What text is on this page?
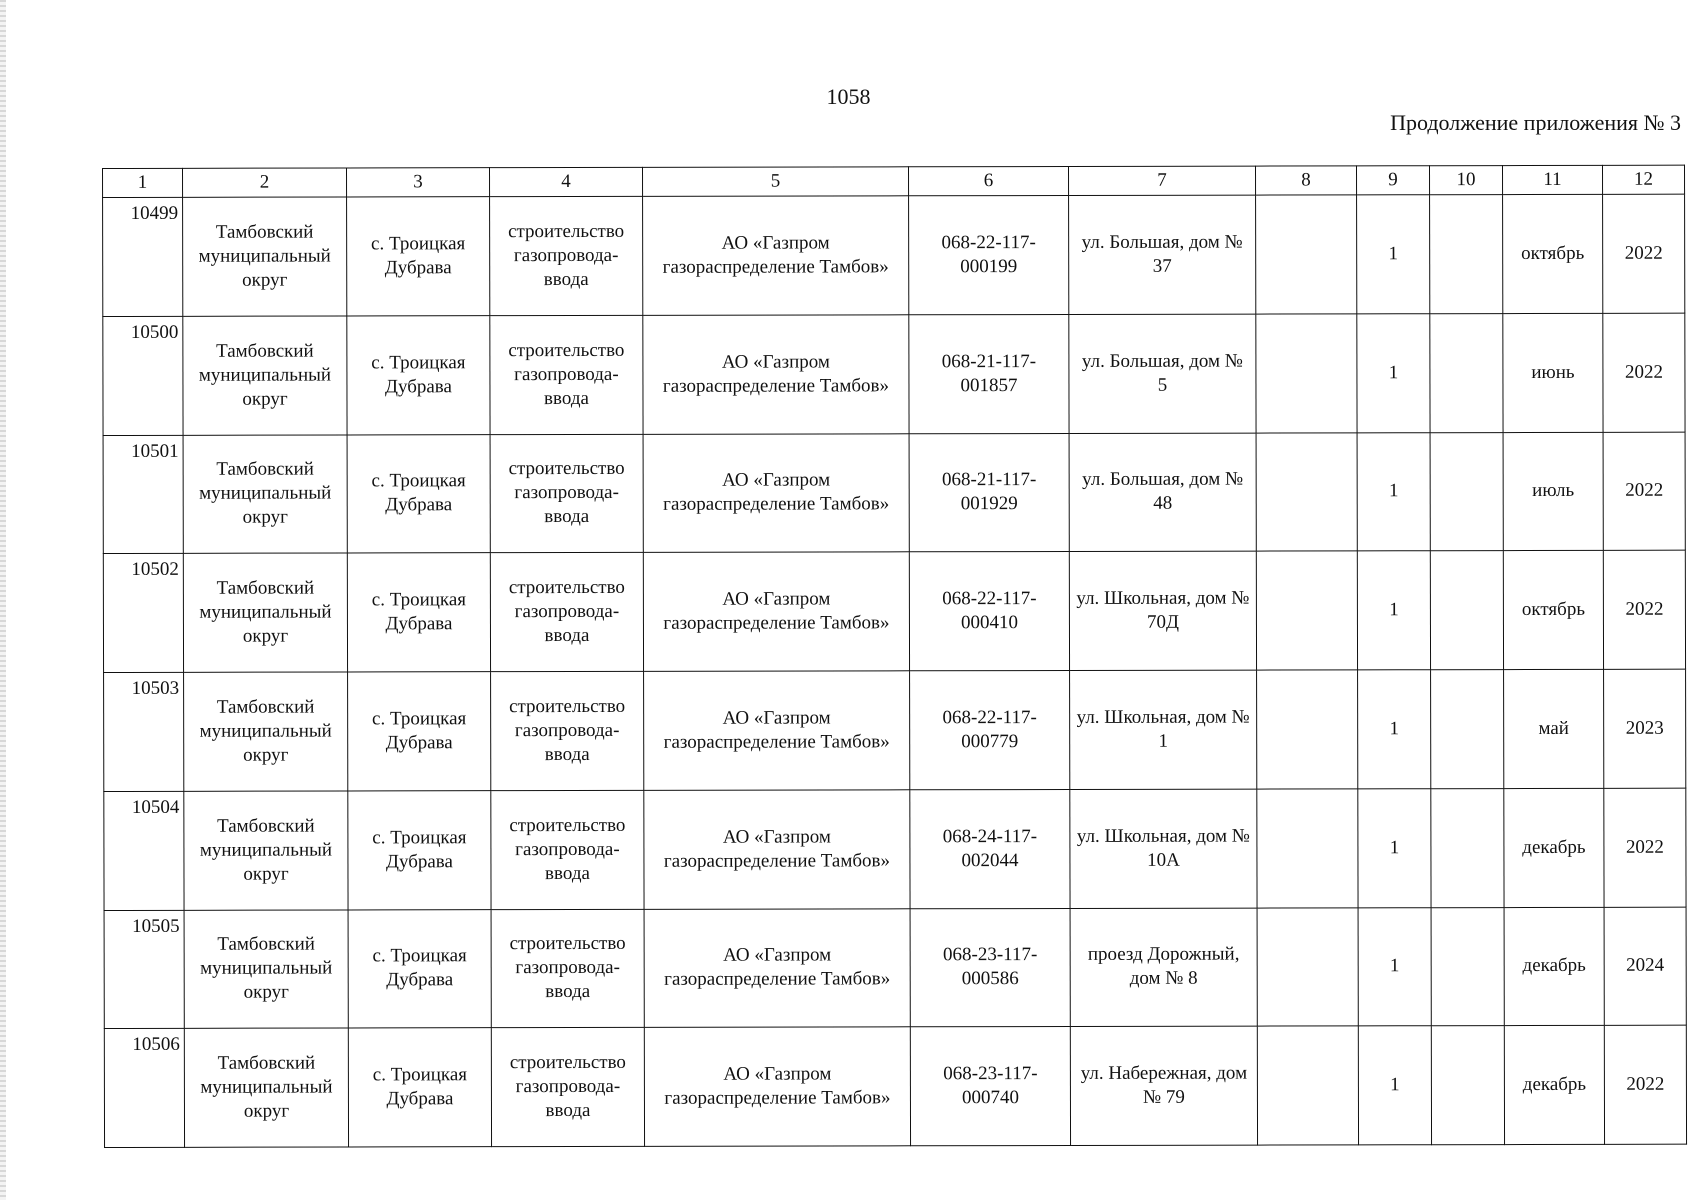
1058
Продолжение приложения № 3
1	2	3	4	5	6	7	8	9	10	11	12
10499	Тамбовский муниципальный округ	с. Троицкая Дубрава	строительство газопровода-ввода	АО «Газпром газораспределение Тамбов»	068-22-117-000199	ул. Большая, дом № 37		1		октябрь	2022
10500	Тамбовский муниципальный округ	с. Троицкая Дубрава	строительство газопровода-ввода	АО «Газпром газораспределение Тамбов»	068-21-117-001857	ул. Большая, дом № 5		1		июнь	2022
10501	Тамбовский муниципальный округ	с. Троицкая Дубрава	строительство газопровода-ввода	АО «Газпром газораспределение Тамбов»	068-21-117-001929	ул. Большая, дом № 48		1		июль	2022
10502	Тамбовский муниципальный округ	с. Троицкая Дубрава	строительство газопровода-ввода	АО «Газпром газораспределение Тамбов»	068-22-117-000410	ул. Школьная, дом № 70Д		1		октябрь	2022
10503	Тамбовский муниципальный округ	с. Троицкая Дубрава	строительство газопровода-ввода	АО «Газпром газораспределение Тамбов»	068-22-117-000779	ул. Школьная, дом № 1		1		май	2023
10504	Тамбовский муниципальный округ	с. Троицкая Дубрава	строительство газопровода-ввода	АО «Газпром газораспределение Тамбов»	068-24-117-002044	ул. Школьная, дом № 10А		1		декабрь	2022
10505	Тамбовский муниципальный округ	с. Троицкая Дубрава	строительство газопровода-ввода	АО «Газпром газораспределение Тамбов»	068-23-117-000586	проезд Дорожный, дом № 8		1		декабрь	2024
10506	Тамбовский муниципальный округ	с. Троицкая Дубрава	строительство газопровода-ввода	АО «Газпром газораспределение Тамбов»	068-23-117-000740	ул. Набережная, дом № 79		1		декабрь	2022
